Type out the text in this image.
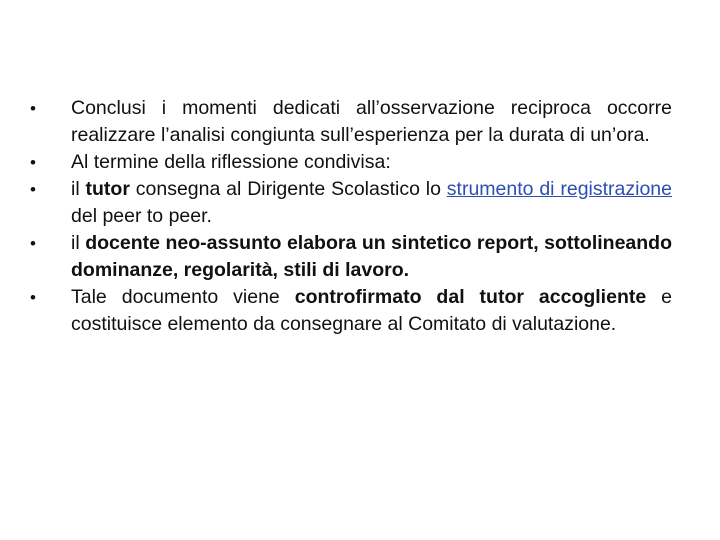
•	Conclusi i momenti dedicati all’osservazione reciproca occorre realizzare l’analisi congiunta sull’esperienza per la durata di un’ora.
•	Al termine della riflessione condivisa:
•	il tutor consegna al Dirigente Scolastico lo strumento di registrazione del peer to peer.
•	il docente neo-assunto elabora un sintetico report, sottolineando dominanze, regolarità, stili di lavoro.
•	Tale documento viene controfirmato dal tutor accogliente e costituisce elemento da consegnare al Comitato di valutazione.
